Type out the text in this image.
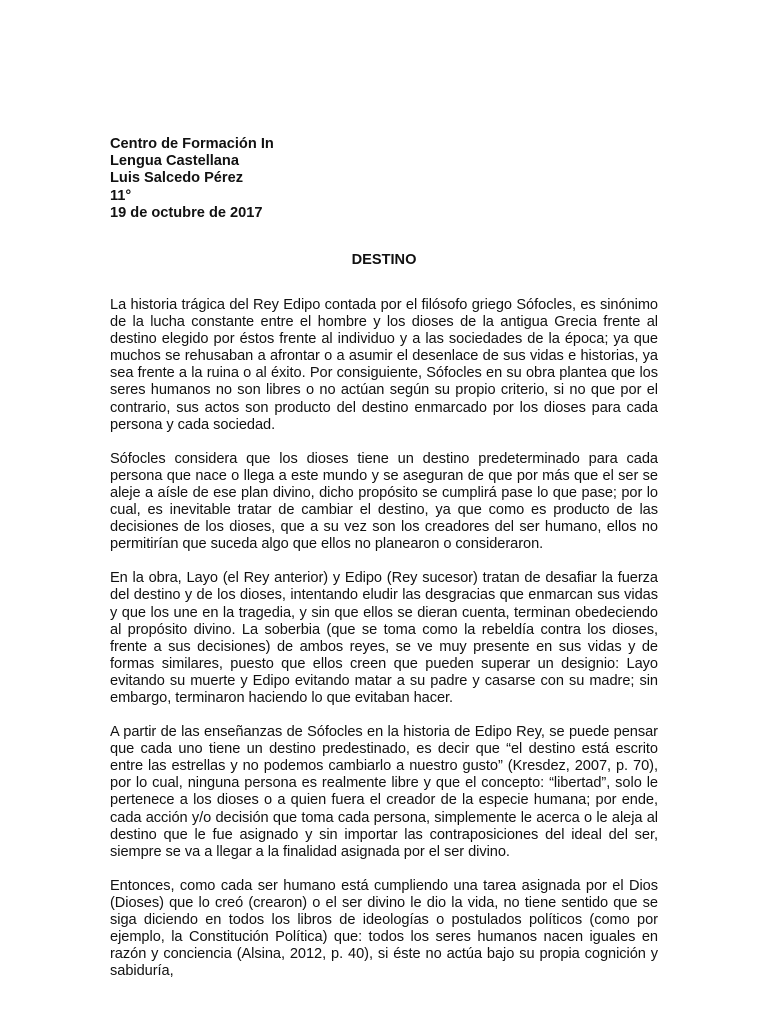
Centro de Formación In
Lengua Castellana
Luis Salcedo Pérez
11°
19 de octubre de 2017
DESTINO

La historia trágica del Rey Edipo contada por el filósofo griego Sófocles, es sinónimo de la lucha constante entre el hombre y los dioses de la antigua Grecia frente al destino elegido por éstos frente al individuo y a las sociedades de la época; ya que muchos se rehusaban a afrontar o a asumir el desenlace de sus vidas e historias, ya sea frente a la ruina o al éxito. Por consiguiente, Sófocles en su obra plantea que los seres humanos no son libres o no actúan según su propio criterio, si no que por el contrario, sus actos son producto del destino enmarcado por los dioses para cada persona y cada sociedad.

Sófocles considera que los dioses tiene un destino predeterminado para cada persona que nace o llega a este mundo y se aseguran de que por más que el ser se aleje a aísle de ese plan divino, dicho propósito se cumplirá pase lo que pase; por lo cual, es inevitable tratar de cambiar el destino, ya que como es producto de las decisiones de los dioses, que a su vez son los creadores del ser humano, ellos no permitirían que suceda algo que ellos no planearon o consideraron.

En la obra, Layo (el Rey anterior) y Edipo (Rey sucesor) tratan de desafiar la fuerza del destino y de los dioses, intentando eludir las desgracias que enmarcan sus vidas y que los une en la tragedia, y sin que ellos se dieran cuenta, terminan obedeciendo al propósito divino. La soberbia (que se toma como la rebeldía contra los dioses, frente a sus decisiones) de ambos reyes, se ve muy presente en sus vidas y de formas similares, puesto que ellos creen que pueden superar un designio: Layo evitando su muerte y Edipo evitando matar a su padre y casarse con su madre; sin embargo, terminaron haciendo lo que evitaban hacer.

A partir de las enseñanzas de Sófocles en la historia de Edipo Rey, se puede pensar que cada uno tiene un destino predestinado, es decir que “el destino está escrito entre las estrellas y no podemos cambiarlo a nuestro gusto” (Kresdez, 2007, p. 70), por lo cual, ninguna persona es realmente libre y que el concepto: “libertad”, solo le pertenece a los dioses o a quien fuera el creador de la especie humana; por ende, cada acción y/o decisión que toma cada persona, simplemente le acerca o le aleja al destino que le fue asignado y sin importar las contraposiciones del ideal del ser, siempre se va a llegar a la finalidad asignada por el ser divino.

Entonces, como cada ser humano está cumpliendo una tarea asignada por el Dios (Dioses) que lo creó (crearon) o el ser divino le dio la vida, no tiene sentido que se siga diciendo en todos los libros de ideologías o postulados políticos (como por ejemplo, la Constitución Política) que: todos los seres humanos nacen iguales en razón y conciencia (Alsina, 2012, p. 40), si éste no actúa bajo su propia cognición y sabiduría,
